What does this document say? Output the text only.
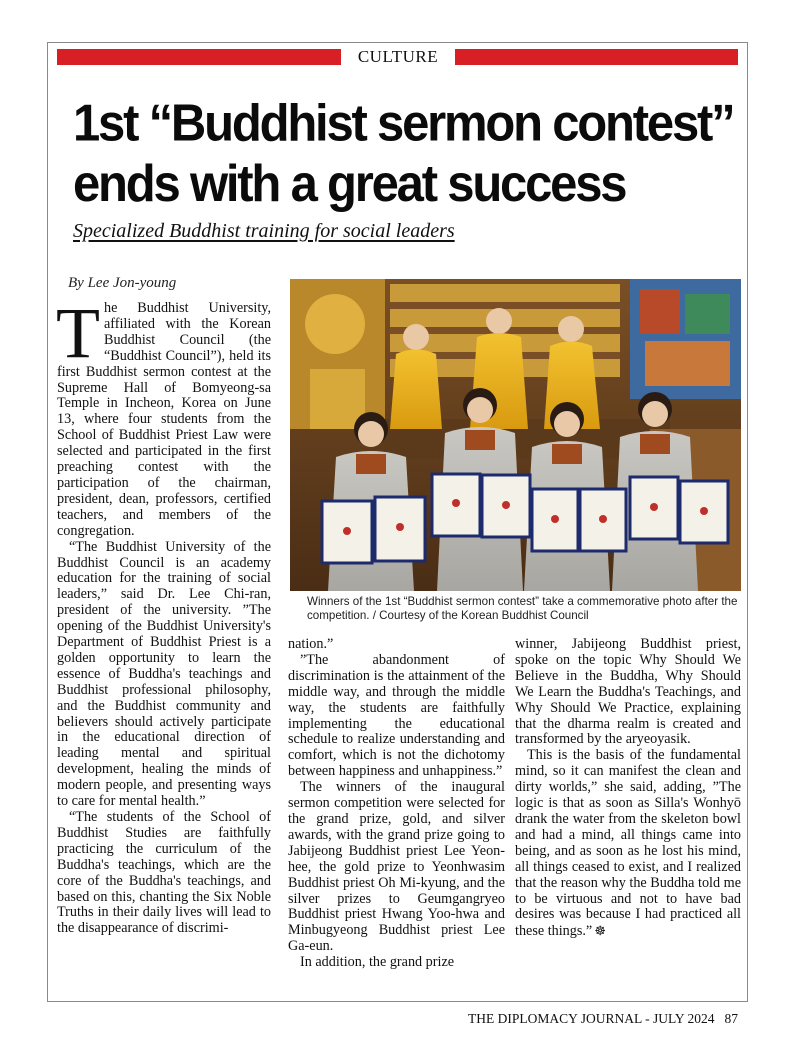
CULTURE
1st “Buddhist sermon contest” ends with a great success
Specialized Buddhist training for social leaders
By Lee Jon-young

The Buddhist University, affiliated with the Korean Buddhist Council (the “Buddhist Council”), held its first Buddhist sermon contest at the Supreme Hall of Bomyeong-sa Temple in Incheon, Korea on June 13, where four students from the School of Buddhist Priest Law were selected and participated in the first preaching contest with the participation of the chairman, president, dean, professors, certified teachers, and members of the congregation.

“The Buddhist University of the Buddhist Council is an academy education for the training of social leaders,” said Dr. Lee Chi-ran, president of the university. ”The opening of the Buddhist University's Department of Buddhist Priest is a golden opportunity to learn the essence of Buddha's teachings and Buddhist professional philosophy, and the Buddhist community and believers should actively participate in the educational direction of leading mental and spiritual development, healing the minds of modern people, and presenting ways to care for mental health.”

“The students of the School of Buddhist Studies are faithfully practicing the curriculum of the Buddha's teachings, which are the core of the Buddha's teachings, and based on this, chanting the Six Noble Truths in their daily lives will lead to the disappearance of discrimi-

Winners of the 1st “Buddhist sermon contest” take a commemorative photo after the competition. / Courtesy of the Korean Buddhist Council

nation.”

”The abandonment of discrimination is the attainment of the middle way, and through the middle way, the students are faithfully implementing the educational schedule to realize understanding and comfort, which is not the dichotomy between happiness and unhappiness.”

The winners of the inaugural sermon competition were selected for the grand prize, gold, and silver awards, with the grand prize going to Jabijeong Buddhist priest Lee Yeon-hee, the gold prize to Yeonhwasim Buddhist priest Oh Mi-kyung, and the silver prizes to Geumgangryeo Buddhist priest Hwang Yoo-hwa and Minbugyeong Buddhist priest Lee Ga-eun.

In addition, the grand prize

winner, Jabijeong Buddhist priest, spoke on the topic Why Should We Believe in the Buddha, Why Should We Learn the Buddha's Teachings, and Why Should We Practice, explaining that the dharma realm is created and transformed by the aryeoyasik.

This is the basis of the fundamental mind, so it can manifest the clean and dirty worlds,” she said, adding, ”The logic is that as soon as Silla's Wonhyō drank the water from the skeleton bowl and had a mind, all things came into being, and as soon as he lost his mind, all things ceased to exist, and I realized that the reason why the Buddha told me to be virtuous and not to have bad desires was because I had practiced all these things.” ☸

THE DIPLOMACY JOURNAL - JULY 2024 87
